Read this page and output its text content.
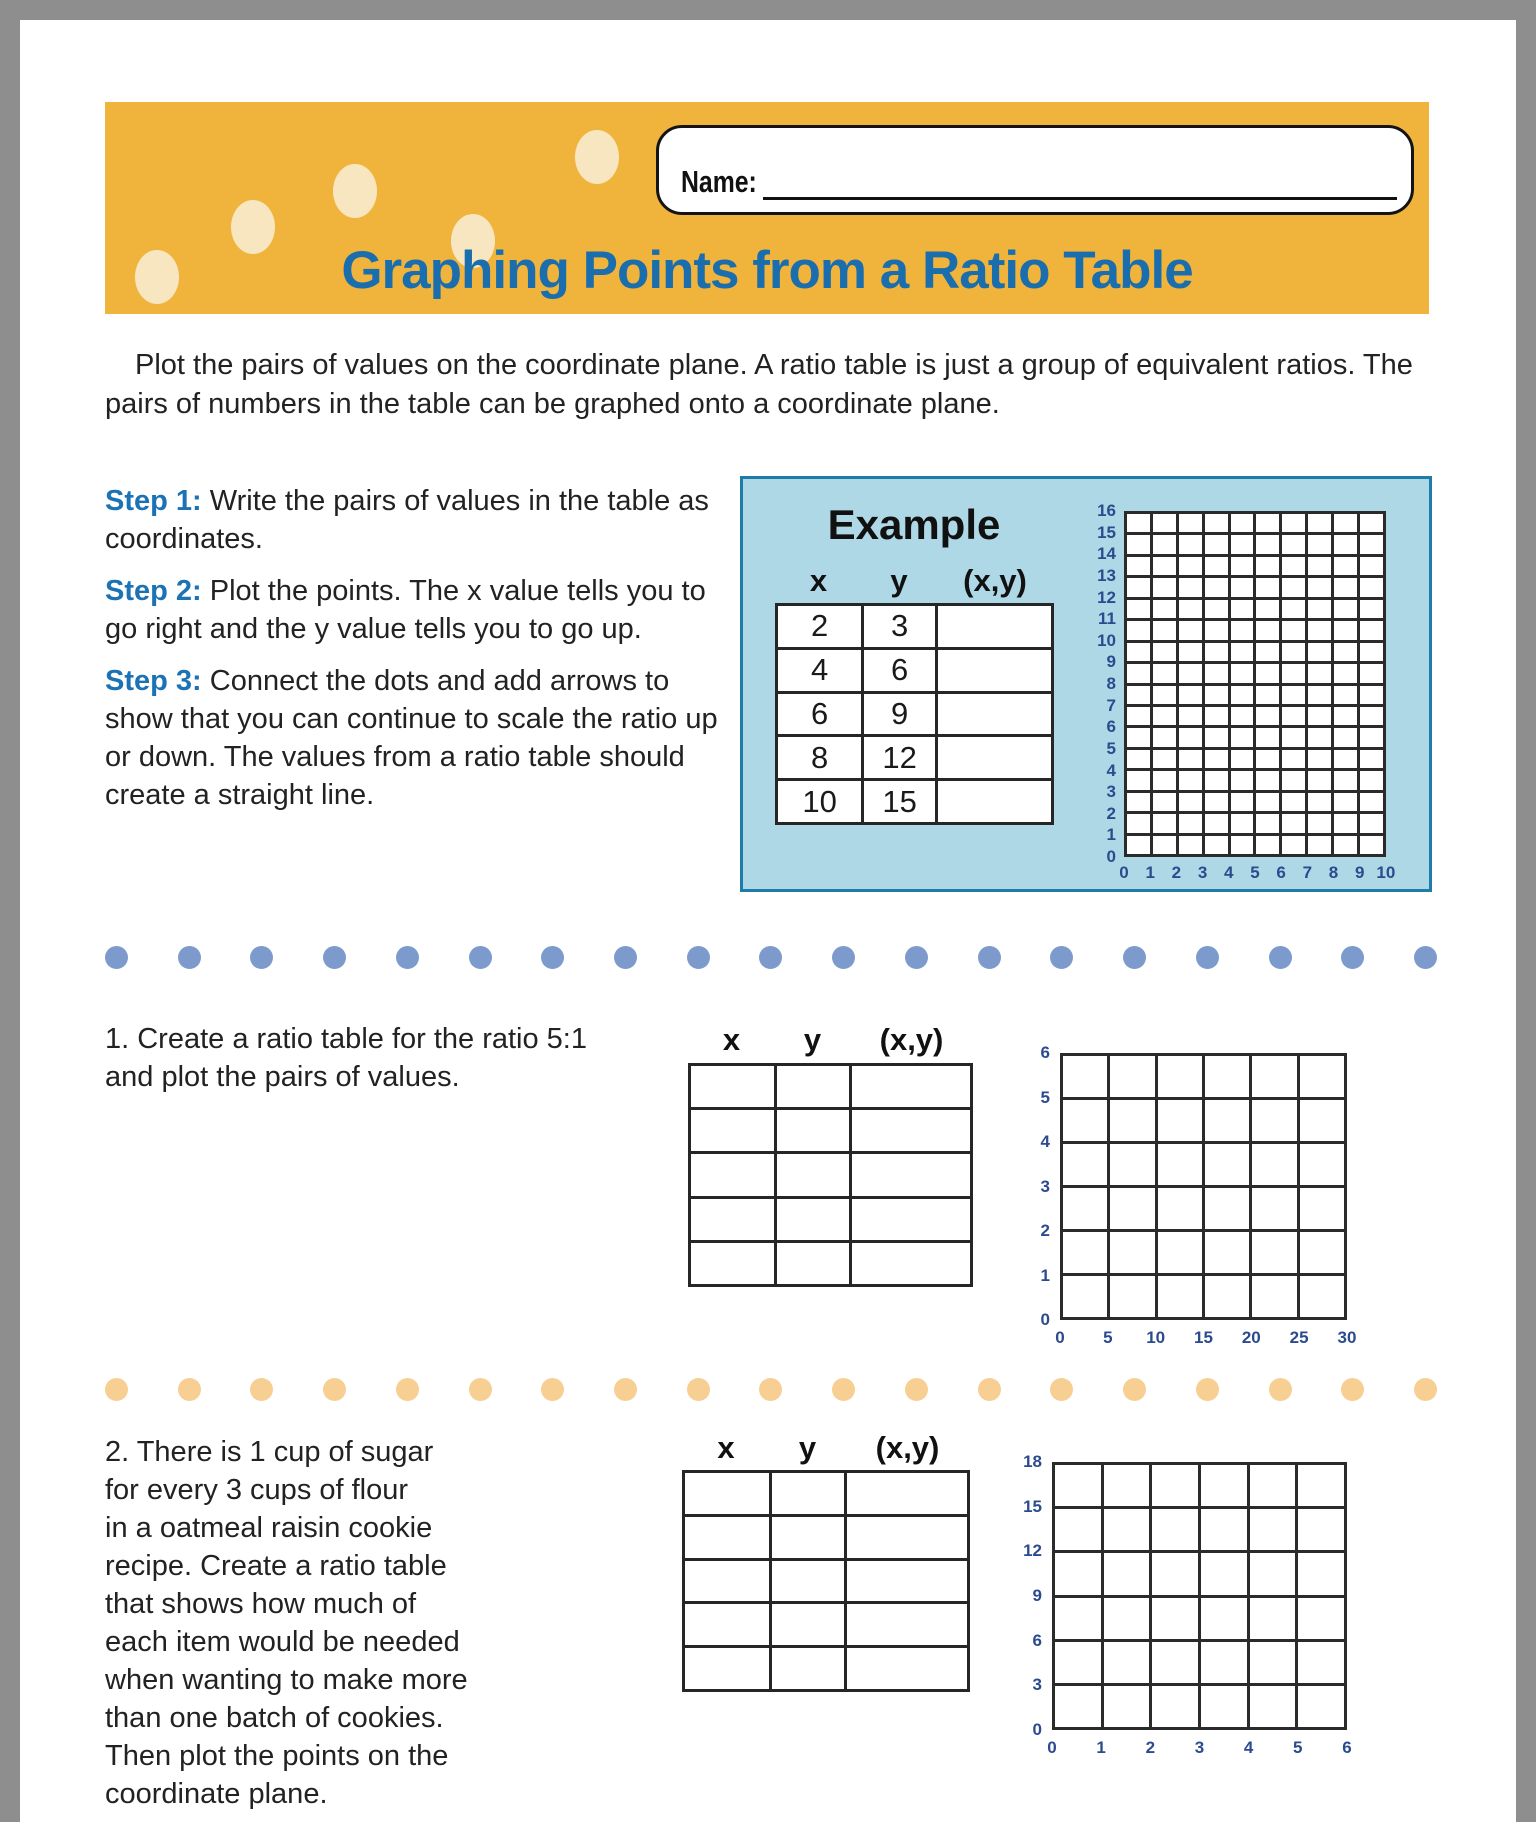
Name:
Graphing Points from a Ratio Table
Plot the pairs of values on the coordinate plane. A ratio table is just a group of equivalent ratios. The pairs of numbers in the table can be graphed onto a coordinate plane.

Step 1: Write the pairs of values in the table as coordinates.

Step 2: Plot the points. The x value tells you to go right and the y value tells you to go up.

Step 3: Connect the dots and add arrows to show that you can continue to scale the ratio up or down. The values from a ratio table should create a straight line.

Example
x	y	(x,y)
2	3
4	6
6	9
8	12
10	15
16
15
14
13
12
11
10
9
8
7
6
5
4
3
2
1
0
0 1 2 3 4 5 6 7 8 9 10
1. Create a ratio table for the ratio 5:1
and plot the pairs of values.
x	y	(x,y)	6
5
4
3
2
1
0
0	5	10	15	20	25	30
2. There is 1 cup of sugar
for every 3 cups of flour
in a oatmeal raisin cookie
recipe. Create a ratio table
that shows how much of
each item would be needed
when wanting to make more
than one batch of cookies.
Then plot the points on the
coordinate plane.
x	y	(x,y)	18
15
12
9
6
3
0
0	1	2	3	4	5	6
